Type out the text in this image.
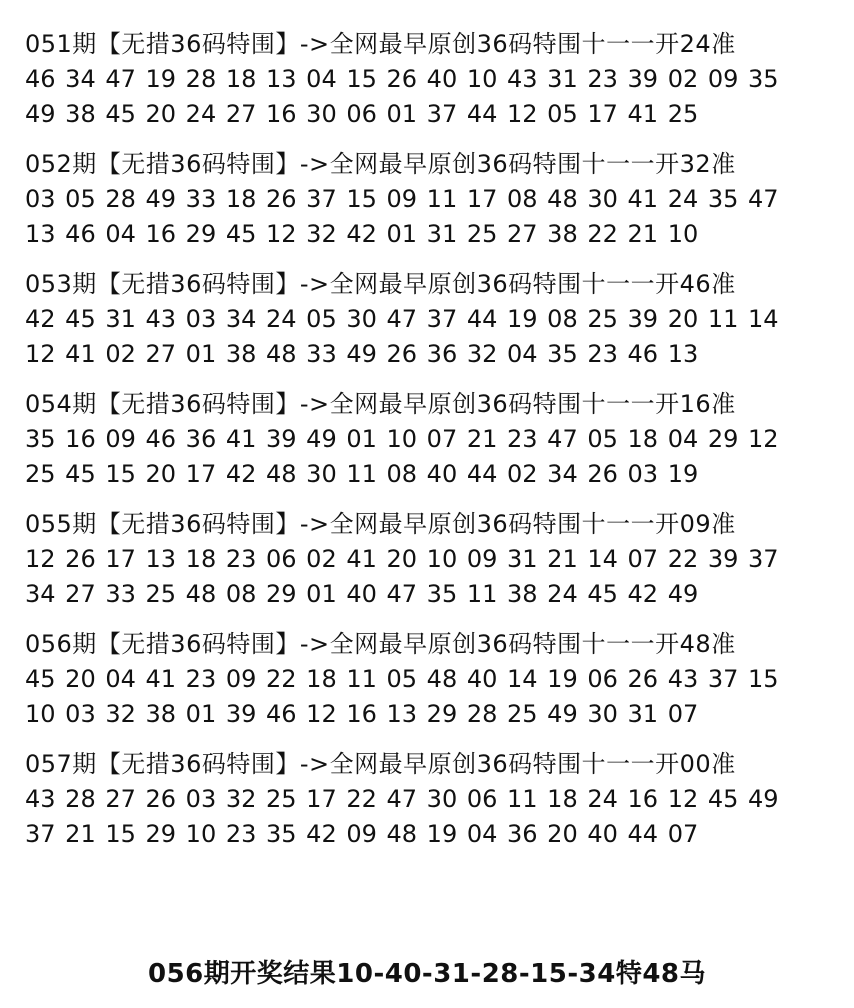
051期【无措36码特围】->全网最早原创36码特围十一一开24准
46 34 47 19 28 18 13 04 15 26 40 10 43 31 23 39 02 09 35
49 38 45 20 24 27 16 30 06 01 37 44 12 05 17 41 25
052期【无措36码特围】->全网最早原创36码特围十一一开32准
03 05 28 49 33 18 26 37 15 09 11 17 08 48 30 41 24 35 47
13 46 04 16 29 45 12 32 42 01 31 25 27 38 22 21 10
053期【无措36码特围】->全网最早原创36码特围十一一开46准
42 45 31 43 03 34 24 05 30 47 37 44 19 08 25 39 20 11 14
12 41 02 27 01 38 48 33 49 26 36 32 04 35 23 46 13
054期【无措36码特围】->全网最早原创36码特围十一一开16准
35 16 09 46 36 41 39 49 01 10 07 21 23 47 05 18 04 29 12
25 45 15 20 17 42 48 30 11 08 40 44 02 34 26 03 19
055期【无措36码特围】->全网最早原创36码特围十一一开09准
12 26 17 13 18 23 06 02 41 20 10 09 31 21 14 07 22 39 37
34 27 33 25 48 08 29 01 40 47 35 11 38 24 45 42 49
056期【无措36码特围】->全网最早原创36码特围十一一开48准
45 20 04 41 23 09 22 18 11 05 48 40 14 19 06 26 43 37 15
10 03 32 38 01 39 46 12 16 13 29 28 25 49 30 31 07
057期【无措36码特围】->全网最早原创36码特围十一一开00准
43 28 27 26 03 32 25 17 22 47 30 06 11 18 24 16 12 45 49
37 21 15 29 10 23 35 42 09 48 19 04 36 20 40 44 07
056期开奖结果10-40-31-28-15-34特48马
